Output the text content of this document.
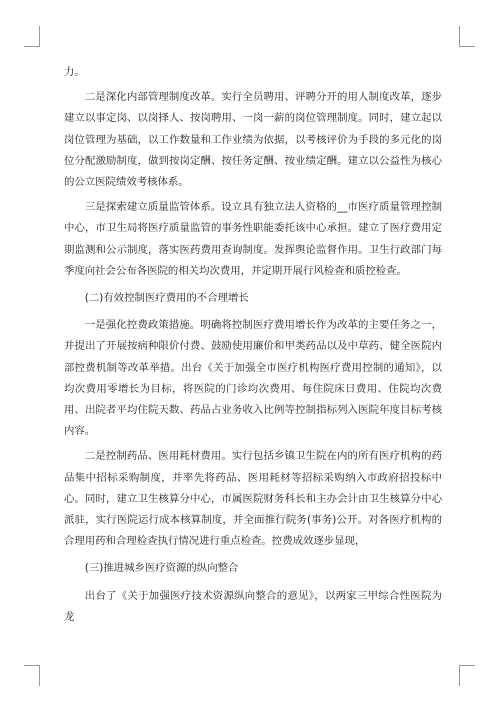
力。

二是深化内部管理制度改革。实行全员聘用、评聘分开的用人制度改革，逐步建立以事定岗、以岗择人、按岗聘用、一岗一薪的岗位管理制度。同时，建立起以岗位管理为基础，以工作数量和工作业绩为依据，以考核评价为手段的多元化的岗位分配激励制度，做到按岗定酬、按任务定酬、按业绩定酬。建立以公益性为核心的公立医院绩效考核体系。

三是探索建立质量监管体系。设立具有独立法人资格的__市医疗质量管理控制中心，市卫生局将医疗质量监管的事务性职能委托该中心承担。建立了医疗费用定期监测和公示制度，落实医药费用查询制度。发挥舆论监督作用。卫生行政部门每季度向社会公布各医院的相关均次费用，并定期开展行风检查和质控检查。

(二)有效控制医疗费用的不合理增长

一是强化控费政策措施。明确将控制医疗费用增长作为改革的主要任务之一，并提出了开展按病种限价付费、鼓励使用廉价和甲类药品以及中草药、健全医院内部控费机制等改革举措。出台《关于加强全市医疗机构医疗费用控制的通知》，以均次费用零增长为目标，将医院的门诊均次费用、每住院床日费用、住院均次费用、出院者平均住院天数、药品占业务收入比例等控制指标列入医院年度目标考核内容。

二是控制药品、医用耗材费用。实行包括乡镇卫生院在内的所有医疗机构的药品集中招标采购制度，并率先将药品、医用耗材等招标采购纳入市政府招投标中心。同时，建立卫生核算分中心，市属医院财务科长和主办会计由卫生核算分中心派驻，实行医院运行成本核算制度，并全面推行院务(事务)公开。对各医疗机构的合理用药和合理检查执行情况进行重点检查。控费成效逐步显现，

(三)推进城乡医疗资源的纵向整合

出台了《关于加强医疗技术资源纵向整合的意见》，以两家三甲综合性医院为龙
